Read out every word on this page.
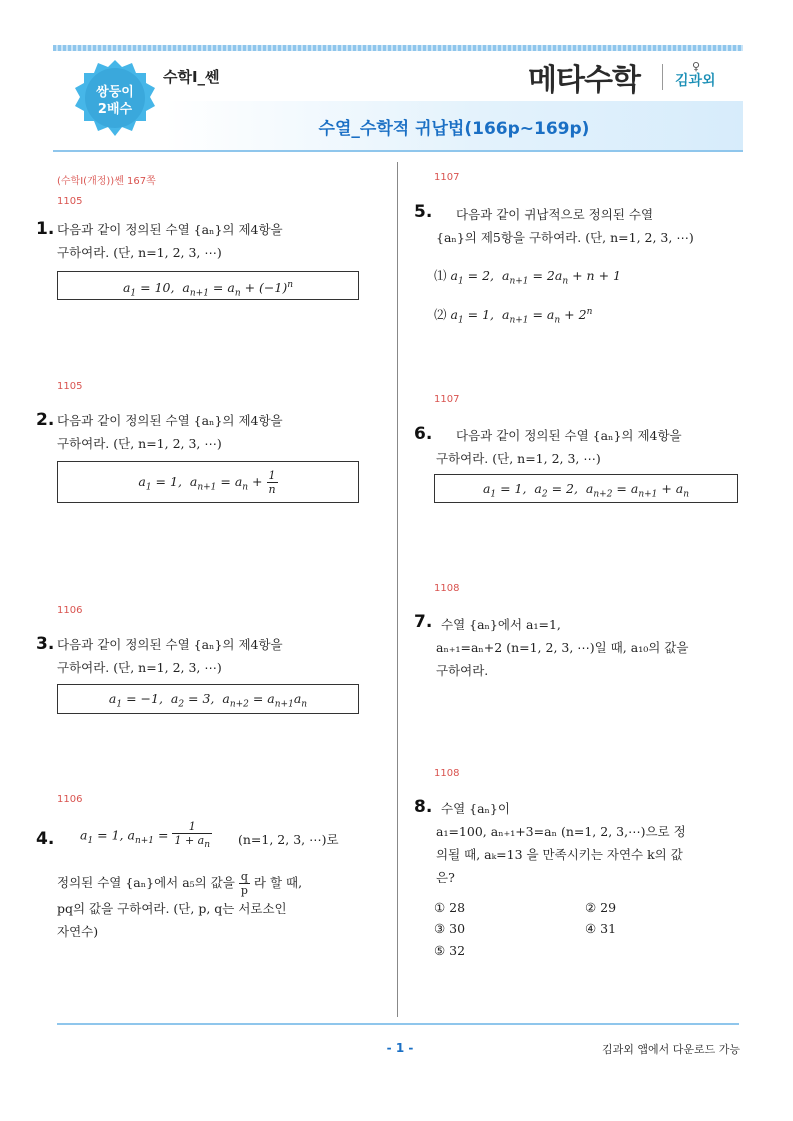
쌍둥이
2배수
수학Ⅰ_쎈	메타수학	♀
김과외
수열_수학적 귀납법(166p~169p)
(수학Ⅰ(개정))쎈 167쪽
1105
1. 다음과 같이 정의된 수열 {aₙ}의 제4항을
구하여라. (단, n=1, 2, 3, ⋯)
$a_1 = 10$,  $a_{n+1} = a_n + (-1)^n$
1105
2. 다음과 같이 정의된 수열 {aₙ}의 제4항을
구하여라. (단, n=1, 2, 3, ⋯)
$a_1 = 1$,  $a_{n+1} = a_n + \frac{1}{n}$
1106
3. 다음과 같이 정의된 수열 {aₙ}의 제4항을
구하여라. (단, n=1, 2, 3, ⋯)
$a_1 = -1$,  $a_2 = 3$,  $a_{n+2} = a_{n+1}a_n$
1106
4. $a_1 = 1$, $a_{n+1} = \frac{1}{1 + a_n} (n=1$, 2, 3, ⋯)로
정의된 수열 {aₙ}에서 a₅의 값을 $\frac{q}{p}$ 라 할 때,
pq의 값을 구하여라. (단, p, q는 서로소인
자연수)
1107
5.	다음과 같이 귀납적으로 정의된 수열
{aₙ}의 제5항을 구하여라. (단, n=1, 2, 3, ⋯)
⑴ $a_1 = 2$,  $a_{n+1} = 2a_n + n + 1$
⑵ $a_1 = 1$,  $a_{n+1} = a_n + 2^n$
1107
6.	다음과 같이 정의된 수열 {aₙ}의 제4항을
구하여라. (단, n=1, 2, 3, ⋯)
$a_1 = 1$,  $a_2 = 2$,  $a_{n+2} = a_{n+1} + a_n$
1108
7. 수열 {aₙ}에서 a₁=1,
aₙ₊₁=aₙ+2 (n=1, 2, 3, ⋯)일 때, a₁₀의 값을
구하여라.
1108
8. 수열 {aₙ}이
a₁=100, aₙ₊₁+3=aₙ (n=1, 2, 3,⋯)으로 정
의될 때, aₖ=13 을 만족시키는 자연수 k의 값
은?
① 28	② 29
③ 30	④ 31
⑤ 32
- 1 -	김과외 앱에서 다운로드 가능
